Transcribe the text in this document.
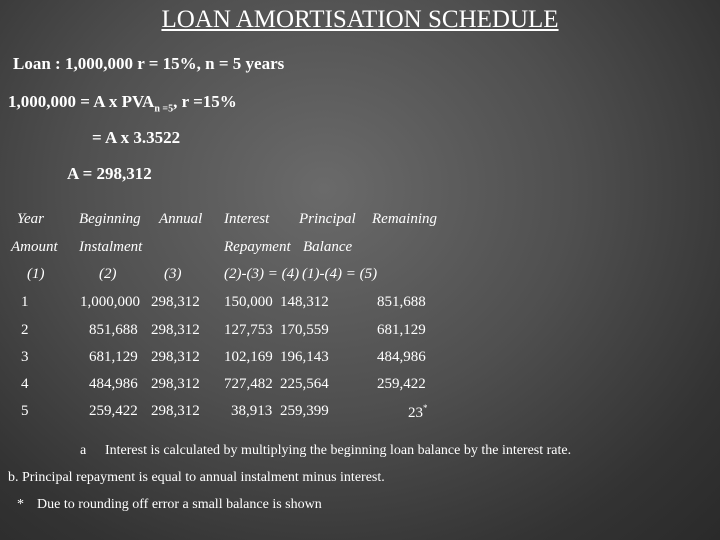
LOAN AMORTISATION SCHEDULE
Loan : 1,000,000 r = 15%, n = 5 years
1,000,000 = A x $PVA_{n =5}$, r =15%
= A x 3.3522
A = 298,312
Year Beginning Annual Interest Principal Remaining
Amount Instalment	Repayment Balance
(1)	(2)	(3)	(2)-(3) = (4) (1)-(4) = (5)
1	1,000,000 298,312 150,000 148,312	851,688
2	851,688 298,312 127,753 170,559	681,129
3	681,129 298,312 102,169 196,143	484,986
4	484,986 298,312 727,482 225,564	259,422
5	259,422 298,312 38,913 259,399	23*
a Interest is calculated by multiplying the beginning loan balance by the interest rate.
b. Principal repayment is equal to annual instalment minus interest.
* Due to rounding off error a small balance is shown
